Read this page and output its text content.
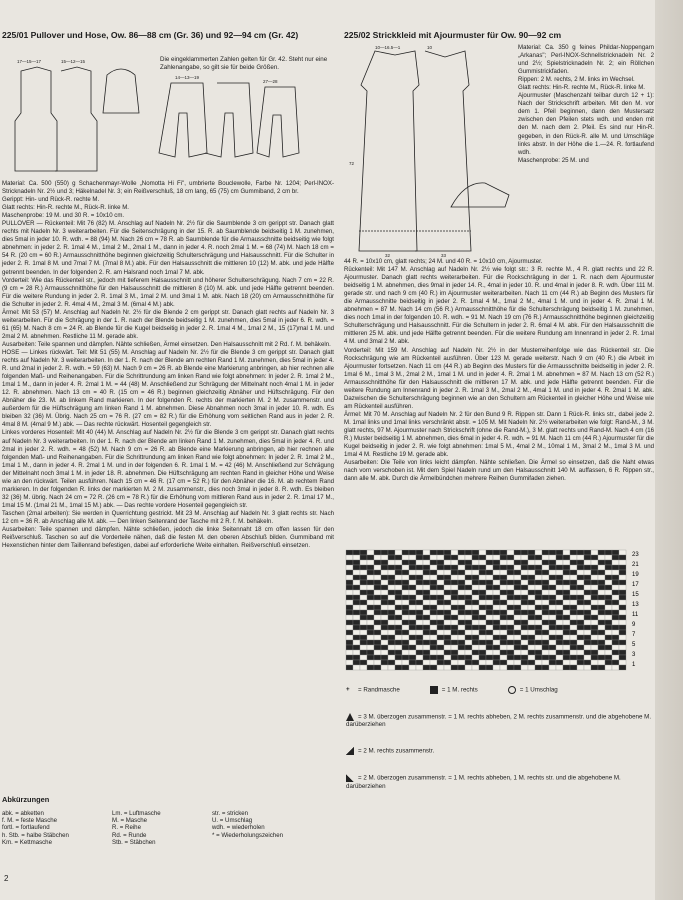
225/01 Pullover und Hose, Ow. 86—88 cm (Gr. 36) und 92—94 cm (Gr. 42)
17—15—17	15—12—15
14—13—19
27—28
Die eingeklammerten Zahlen gelten für Gr. 42. Steht nur eine Zahlenangabe, so gilt sie für beide Größen.

Material: Ca. 500 (550) g Schachenmayr-Wolle „Nomotta Hi Fi", umbrierte Bouclewolle, Farbe Nr. 1204; Perl-INOX-Stricknadeln Nr. 2½ und 3; Häkelnadel Nr. 3; ein Reißverschluß, 18 cm lang, 65 (75) cm Gummiband, 2 cm br.

Gerippt: Hin- und Rück-R. rechte M.

Glatt rechts: Hin-R. rechte M., Rück-R. linke M.

Maschenprobe: 19 M. und 30 R. = 10x10 cm.

PULLOVER — Rückenteil: Mit 76 (82) M. Anschlag auf Nadeln Nr. 2½ für die Saumblende 3 cm gerippt str. Danach glatt rechts mit Nadeln Nr. 3 weiterarbeiten. Für die Seitenschrägung in der 15. R. ab Saumblende beidseitig 1 M. zunehmen, dies 5mal in jeder 10. R. wdh. = 88 (94) M. Nach 26 cm = 78 R. ab Saumblende für die Armausschnitte beidseitig wie folgt abnehmen: in jeder 2. R. 1mal 4 M., 1mal 2 M., 2mal 1 M., dann in jeder 4. R. noch 2mal 1 M. = 68 (74) M. Nach 18 cm = 54 R. (20 cm = 60 R.) Armausschnitthöhe beginnen gleichzeitig Schulterschrägung und Halsausschnitt. Für die Schulter in jeder 2. R. 1mal 8 M. und 7mal 7 M. (7mal 8 M.) abk. Für den Halsausschnitt die mittleren 10 (12) M. abk. und jede Hälfte getrennt beenden. In der folgenden 2. R. am Halsrand noch 1mal 7 M. abk.

Vorderteil: Wie das Rückenteil str., jedoch mit tieferem Halsausschnitt und höherer Schulterschrägung. Nach 7 cm = 22 R. (9 cm = 28 R.) Armausschnitthöhe für den Halsausschnitt die mittleren 8 (10) M. abk. und jede Hälfte getrennt beenden. Für die weitere Rundung in jeder 2. R. 1mal 3 M., 1mal 2 M. und 3mal 1 M. abk. Nach 18 (20) cm Armausschnitthöhe für die Schulter in jeder 2. R. 4mal 4 M., 2mal 3 M. (6mal 4 M.) abk.

Ärmel: Mit 53 (57) M. Anschlag auf Nadeln Nr. 2½ für die Blende 2 cm gerippt str. Danach glatt rechts auf Nadeln Nr. 3 weiterarbeiten. Für die Schrägung in der 1. R. nach der Blende beidseitig 1 M. zunehmen, dies 5mal in jeder 6. R. wdh. = 61 (65) M. Nach 8 cm = 24 R. ab Blende für die Kugel beidseitig in jeder 2. R. 1mal 4 M., 1mal 2 M., 15 (17)mal 1 M. und 2mal 2 M. abnehmen. Restliche 11 M. gerade abk.

Ausarbeiten: Teile spannen und dämpfen. Nähte schließen, Ärmel einsetzen. Den Halsausschnitt mit 2 Rd. f. M. behäkeln.

HOSE — Linkes rückwärt. Teil: Mit 51 (55) M. Anschlag auf Nadeln Nr. 2½ für die Blende 3 cm gerippt str. Danach glatt rechts auf Nadeln Nr. 3 weiterarbeiten. In der 1. R. nach der Blende am rechten Rand 1 M. zunehmen, dies 5mal in jeder 4. R. und 2mal in jeder 2. R. wdh. = 59 (63) M. Nach 9 cm = 26 R. ab Blende eine Markierung anbringen, ab hier rechnen alle folgenden Maß- und Reihenangaben. Für die Schrittrundung am linken Rand wie folgt abnehmen: In jeder 2. R. 1mal 2 M., 1mal 1 M., dann in jeder 4. R. 2mal 1 M. = 44 (48) M. Anschließend zur Schrägung der Mittelnaht noch 4mal 1 M. in jeder 12. R. abnehmen. Nach 13 cm = 40 R. (15 cm = 46 R.) beginnen gleichzeitig Abnäher und Hüftschrägung. Für den Abnäher die 23. M. ab linkem Rand markieren. In der folgenden R. rechts der markierten M. 2 M. zusammenstr. und außerdem für die Hüftschrägung am linken Rand 1 M. abnehmen. Diese Abnahmen noch 3mal in jeder 10. R. wdh. Es bleiben 32 (36) M. Übrig. Nach 25 cm = 76 R. (27 cm = 82 R.) für die Erhöhung vom seitlichen Rand aus in jeder 2. R. 4mal 8 M. (4mal 9 M.) abk. — Das rechte rückwärt. Hosenteil gegengleich str.

Linkes vorderes Hosenteil: Mit 40 (44) M. Anschlag auf Nadeln Nr. 2½ für die Blende 3 cm gerippt str. Danach glatt rechts auf Nadeln Nr. 3 weiterarbeiten. In der 1. R. nach der Blende am linken Rand 1 M. zunehmen, dies 5mal in jeder 4. R. und 2mal in jeder 2. R. wdh. = 48 (52) M. Nach 9 cm = 26 R. ab Blende eine Markierung anbringen, ab hier rechnen alle folgenden Maß- und Reihenangaben. Für die Schrittrundung am linken Rand wie folgt abnehmen: In jeder 2. R. 1mal 2 M., 1mal 1 M., dann in jeder 4. R. 2mal 1 M. und in der folgenden 6. R. 1mal 1 M. = 42 (46) M. Anschließend zur Schrägung der Mittelnaht noch 3mal 1 M. in jeder 18. R. abnehmen. Die Hüftschrägung am rechten Rand in gleicher Höhe und Weise wie an den rückwärt. Teilen ausführen. Nach 15 cm = 46 R. (17 cm = 52 R.) für den Abnäher die 16. M. ab rechtem Rand markieren. In der folgenden R. links der markierten M. 2 M. zusammenstr., dies noch 3mal in jeder 8. R. wdh. Es bleiben 32 (36) M. übrig. Nach 24 cm = 72 R. (26 cm = 78 R.) für die Erhöhung vom mittleren Rand aus in jeder 2. R. 1mal 17 M., 1mal 15 M. (1mal 21 M., 1mal 15 M.) abk. — Das rechte vordere Hosenteil gegengleich str.

Taschen (2mal arbeiten): Sie werden in Querrichtung gestrickt. Mit 23 M. Anschlag auf Nadeln Nr. 3 glatt rechts str. Nach 12 cm = 36 R. ab Anschlag alle M. abk. — Den linken Seitenrand der Tasche mit 2 R. f. M. behäkeln.

Ausarbeiten: Teile spannen und dämpfen. Nähte schließen, jedoch die linke Seitennaht 18 cm offen lassen für den Reißverschluß. Taschen so auf die Vorderteile nähen, daß die festen M. den oberen Abschluß bilden. Gummiband mit Hexenstichen hinter dem Taillenrand befestigen, dabei auf erforderliche Weite einhalten. Reißverschluß einsetzen.

Abkürzungen
abk. = abketten
f. M. = feste Masche
fortl. = fortlaufend
h. Stb. = halbe Stäbchen
Km. = Kettmasche
Lm. = Luftmasche
M. = Masche
R. = Reihe
Rd. = Runde
Stb. = Stäbchen
str. = stricken
U. = Umschlag
wdh. = wiederholen
* = Wiederholungszeichen
2
225/02 Strickkleid mit Ajourmuster für Ow. 90—92 cm
10—16.5—1	10
72
32	33

Material: Ca. 350 g feines Phildar-Noppengarn „Arkanas"; Perl-INOX-Schnellstricknadeln Nr. 2 und 2½; Spielstricknadeln Nr. 2; ein Röllchen Gummistrickfaden.

Rippen: 2 M. rechts, 2 M. links im Wechsel.

Glatt rechts: Hin-R. rechte M., Rück-R. linke M.

Ajourmuster (Maschenzahl teilbar durch 12 + 1): Nach der Strickschrift arbeiten. Mit den M. vor dem 1. Pfeil beginnen, dann den Mustersatz zwischen den Pfeilen stets wdh. und enden mit den M. nach dem 2. Pfeil. Es sind nur Hin-R. gegeben, in den Rück-R. alle M. und Umschläge links abstr. In der Höhe die 1.—24. R. fortlaufend wdh.

Maschenprobe: 25 M. und

44 R. = 10x10 cm, glatt rechts; 24 M. und 40 R. = 10x10 cm, Ajourmuster.

Rückenteil: Mit 147 M. Anschlag auf Nadeln Nr. 2½ wie folgt str.: 3 R. rechte M., 4 R. glatt rechts und 22 R. Ajourmuster. Danach glatt rechts weiterarbeiten. Für die Rockschrägung in der 1. R. nach dem Ajourmuster beidseitig 1 M. abnehmen, dies 9mal in jeder 14. R., 4mal in jeder 10. R. und 4mal in jeder 8. R. wdh. Über 111 M. gerade str. und nach 9 cm (40 R.) im Ajourmuster weiterarbeiten. Nach 11 cm (44 R.) ab Beginn des Musters für die Armausschnitte beidseitig in jeder 2. R. 1mal 4 M., 1mal 2 M., 4mal 1 M. und in jeder 4. R. 2mal 1 M. abnehmen = 87 M. Nach 14 cm (56 R.) Armausschnitthöhe für die Schulterschrägung beidseitig 1 M. zunehmen, dies noch 1mal in der folgenden 10. R. wdh. = 91 M. Nach 19 cm (76 R.) Armausschnitthöhe beginnen gleichzeitig Schulterschrägung und Halsausschnitt. Für die Schultern in jeder 2. R. 6mal 4 M. abk. Für den Halsausschnitt die mittleren 25 M. abk. und jede Hälfte getrennt beenden. Für die weitere Rundung am Innenrand in jeder 2. R. 1mal 4 M. und 3mal 2 M. abk.

Vorderteil: Mit 159 M. Anschlag auf Nadeln Nr. 2½ in der Musterreihenfolge wie das Rückenteil str. Die Rockschrägung wie am Rückenteil ausführen. Über 123 M. gerade weiterstr. Nach 9 cm (40 R.) die Arbeit im Ajourmuster fortsetzen. Nach 11 cm (44 R.) ab Beginn des Musters für die Armausschnitte beidseitig in jeder 2. R. 1mal 6 M., 1mal 3 M., 2mal 2 M., 1mal 1 M. und in jeder 4. R. 2mal 1 M. abnehmen = 87 M. Nach 13 cm (52 R.) Armausschnitthöhe für den Halsausschnitt die mittleren 17 M. abk. und jede Hälfte getrennt beenden. Für die weitere Rundung am Innenrand in jeder 2. R. 1mal 3 M., 2mal 2 M., 4mal 1 M. und in jeder 4. R. 2mal 1 M. abk. Dazwischen die Schulterschrägung beginnen wie an den Schultern am Rückenteil in gleicher Höhe und Weise wie am Rückenteil ausführen.

Ärmel: Mit 70 M. Anschlag auf Nadeln Nr. 2 für den Bund 9 R. Rippen str. Dann 1 Rück-R. links str., dabei jede 2. M. 1mal links und 1mal links verschränkt abstr. = 105 M. Mit Nadeln Nr. 2½ weiterarbeiten wie folgt: Rand-M., 3 M. glatt rechts, 97 M. Ajourmuster nach Strickschrift (ohne die Rand-M.), 3 M. glatt rechts und Rand-M. Nach 4 cm (16 R.) Muster beidseitig 1 M. abnehmen, dies 6mal in jeder 4. R. wdh. = 91 M. Nach 11 cm (44 R.) Ajourmuster für die Kugel beidseitig in jeder 2. R. wie folgt abnehmen: 1mal 5 M., 4mal 2 M., 10mal 1 M., 3mal 2 M., 1mal 3 M. und 1mal 4 M. Restliche 19 M. gerade abk.

Ausarbeiten: Die Teile von links leicht dämpfen. Nähte schließen. Die Ärmel so einsetzen, daß die Naht etwas nach vorn verschoben ist. Mit dem Spiel Nadeln rund um den Halsausschnitt 140 M. auffassen, 6 R. Rippen str., dann alle M. abk. Durch die Ärmelbündchen mehrere Reihen Gummifaden ziehen.

23
21
19
17
15
13
11
9
7
5
3
1
+ = Randmasche	= 1 M. rechts	= 1 Umschlag
= 3 M. überzogen zusammenstr. = 1 M. rechts abheben, 2 M. rechts zusammenstr. und die abgehobene M. darüberziehen
= 2 M. rechts zusammenstr.
= 2 M. überzogen zusammenstr. = 1 M. rechts abheben, 1 M. rechts str. und die abgehobene M. darüberziehen
